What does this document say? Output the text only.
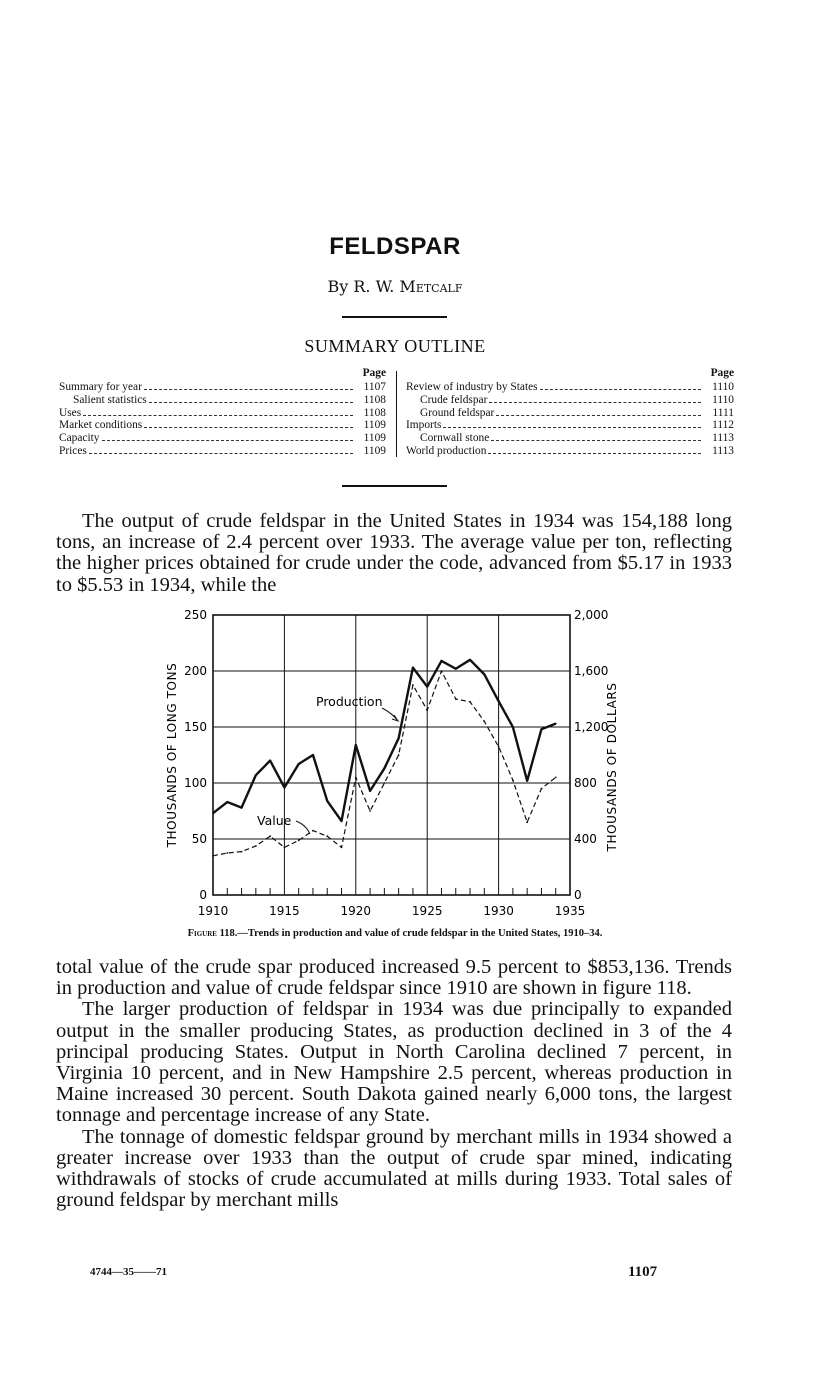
FELDSPAR
By R. W. Metcalf
SUMMARY OUTLINE
Page
Summary for year	1107
Salient statistics	1108
Uses	1108
Market conditions	1109
Capacity	1109
Prices	1109
Page
Review of industry by States	1110
Crude feldspar	1110
Ground feldspar	1111
Imports	1112
Cornwall stone	1113
World production	1113

The output of crude feldspar in the United States in 1934 was 154,188 long tons, an increase of 2.4 percent over 1933. The average value per ton, reflecting the higher prices obtained for crude under the code, advanced from $5.17 in 1933 to $5.53 in 1934, while the

0
50
100
150
200
250
0
400
800
1,200
1,600
2,000
1910	1915	1920	1925	1930	1935
THOUSANDS OF LONG TONS	THOUSANDS OF DOLLARS
Production
Value
Figure 118.—Trends in production and value of crude feldspar in the United States, 1910–34.

total value of the crude spar produced increased 9.5 percent to $853,136. Trends in production and value of crude feldspar since 1910 are shown in figure 118.

The larger production of feldspar in 1934 was due principally to expanded output in the smaller producing States, as production declined in 3 of the 4 principal producing States. Output in North Carolina declined 7 percent, in Virginia 10 percent, and in New Hampshire 2.5 percent, whereas production in Maine increased 30 percent. South Dakota gained nearly 6,000 tons, the largest tonnage and percentage increase of any State.

The tonnage of domestic feldspar ground by merchant mills in 1934 showed a greater increase over 1933 than the output of crude spar mined, indicating withdrawals of stocks of crude accumulated at mills during 1933. Total sales of ground feldspar by merchant mills

4744—35——71	1107
